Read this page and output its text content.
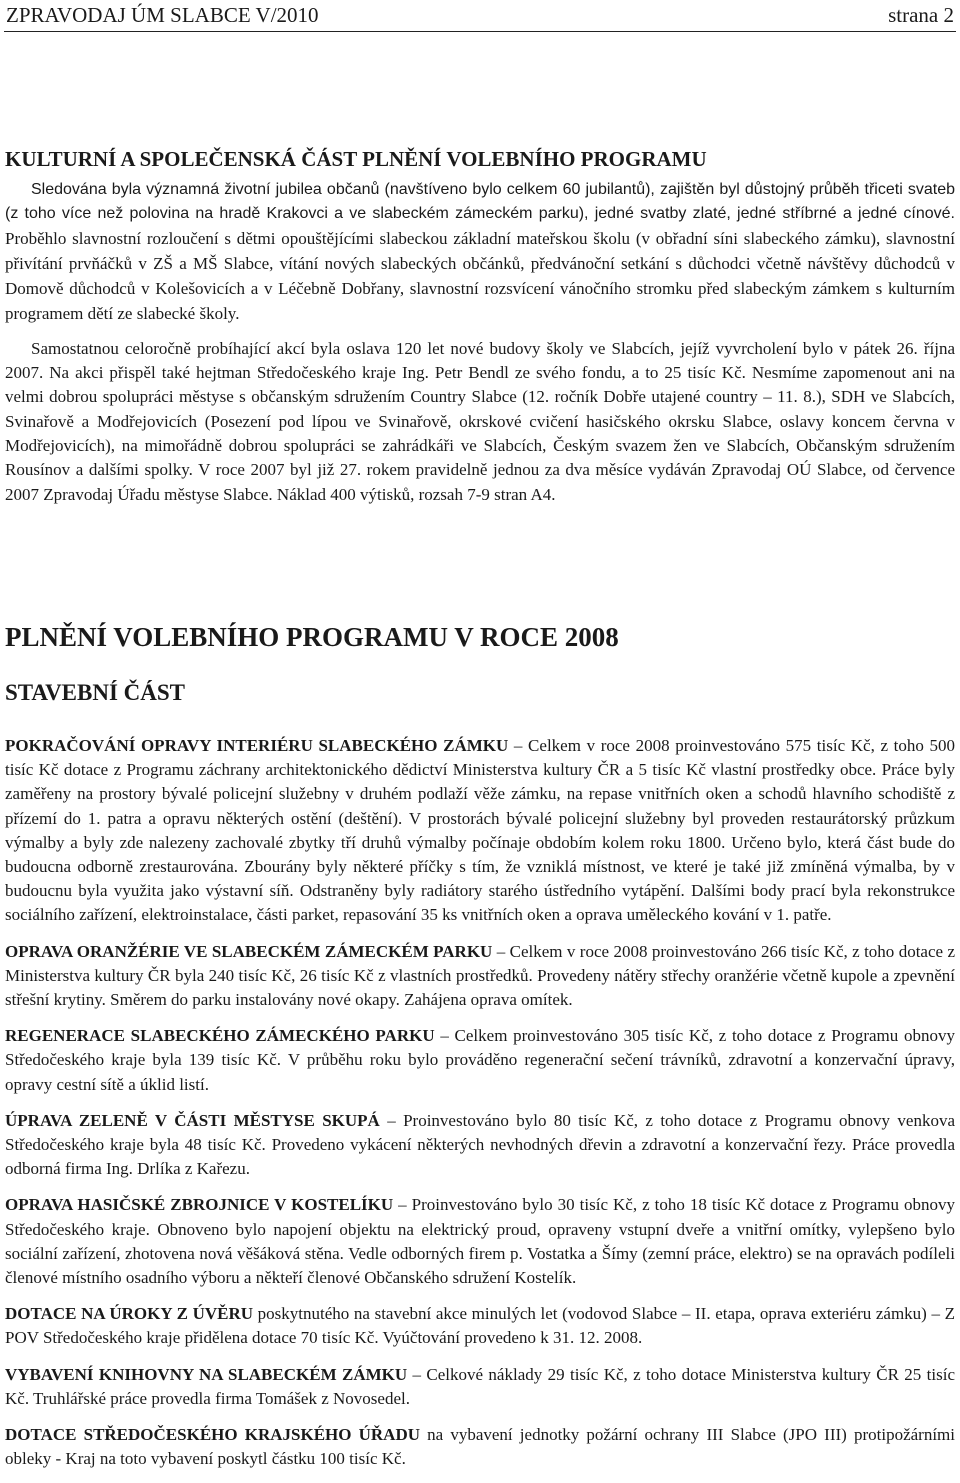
ZPRAVODAJ ÚM SLABCE V/2010	strana 2
KULTURNÍ A SPOLEČENSKÁ ČÁST PLNĚNÍ VOLEBNÍHO PROGRAMU

Sledována byla významná životní jubilea občanů (navštíveno bylo celkem 60 jubilantů), zajištěn byl důstojný průběh třiceti svateb (z toho více než polovina na hradě Krakovci a ve slabeckém zámeckém parku), jedné svatby zlaté, jedné stříbrné a jedné cínové. Proběhlo slavnostní rozloučení s dětmi opouštějícími slabeckou základní mateřskou školu (v obřadní síni slabeckého zámku), slavnostní přivítání prvňáčků v ZŠ a MŠ Slabce, vítání nových slabeckých občánků, předvánoční setkání s důchodci včetně návštěvy důchodců v Domově důchodců v Kolešovicích a v Léčebně Dobřany, slavnostní rozsvícení vánočního stromku před slabeckým zámkem s kulturním programem dětí ze slabecké školy.

Samostatnou celoročně probíhající akcí byla oslava 120 let nové budovy školy ve Slabcích, jejíž vyvrcholení bylo v pátek 26. října 2007. Na akci přispěl také hejtman Středočeského kraje Ing. Petr Bendl ze svého fondu, a to 25 tisíc Kč. Nesmíme zapomenout ani na velmi dobrou spolupráci městyse s občanským sdružením Country Slabce (12. ročník Dobře utajené country – 11. 8.), SDH ve Slabcích, Svinařově a Modřejovicích (Posezení pod lípou ve Svinařově, okrskové cvičení hasičského okrsku Slabce, oslavy koncem června v Modřejovicích), na mimořádně dobrou spolupráci se zahrádkáři ve Slabcích, Českým svazem žen ve Slabcích, Občanským sdružením Rousínov a dalšími spolky. V roce 2007 byl již 27. rokem pravidelně jednou za dva měsíce vydáván Zpravodaj OÚ Slabce, od července 2007 Zpravodaj Úřadu městyse Slabce. Náklad 400 výtisků, rozsah 7-9 stran A4.

PLNĚNÍ VOLEBNÍHO PROGRAMU V ROCE 2008
STAVEBNÍ ČÁST

POKRAČOVÁNÍ OPRAVY INTERIÉRU SLABECKÉHO ZÁMKU – Celkem v roce 2008 proinvestováno 575 tisíc Kč, z toho 500 tisíc Kč dotace z Programu záchrany architektonického dědictví Ministerstva kultury ČR a 5 tisíc Kč vlastní prostředky obce. Práce byly zaměřeny na prostory bývalé policejní služebny v druhém podlaží věže zámku, na repase vnitřních oken a schodů hlavního schodiště z přízemí do 1. patra a opravu některých ostění (deštění). V prostorách bývalé policejní služebny byl proveden restaurátorský průzkum výmalby a byly zde nalezeny zachovalé zbytky tří druhů výmalby počínaje obdobím kolem roku 1800. Určeno bylo, která část bude do budoucna odborně zrestaurována. Zbourány byly některé příčky s tím, že vzniklá místnost, ve které je také již zmíněná výmalba, by v budoucnu byla využita jako výstavní síň. Odstraněny byly radiátory starého ústředního vytápění. Dalšími body prací byla rekonstrukce sociálního zařízení, elektroinstalace, části parket, repasování 35 ks vnitřních oken a oprava uměleckého kování v 1. patře.

OPRAVA ORANŽÉRIE VE SLABECKÉM ZÁMECKÉM PARKU – Celkem v roce 2008 proinvestováno 266 tisíc Kč, z toho dotace z Ministerstva kultury ČR byla 240 tisíc Kč, 26 tisíc Kč z vlastních prostředků. Provedeny nátěry střechy oranžérie včetně kupole a zpevnění střešní krytiny. Směrem do parku instalovány nové okapy. Zahájena oprava omítek.

REGENERACE SLABECKÉHO ZÁMECKÉHO PARKU – Celkem proinvestováno 305 tisíc Kč, z toho dotace z Programu obnovy Středočeského kraje byla 139 tisíc Kč. V průběhu roku bylo prováděno regenerační sečení trávníků, zdravotní a konzervační úpravy, opravy cestní sítě a úklid listí.

ÚPRAVA ZELENĚ V ČÁSTI MĚSTYSE SKUPÁ – Proinvestováno bylo 80 tisíc Kč, z toho dotace z Programu obnovy venkova Středočeského kraje byla 48 tisíc Kč. Provedeno vykácení některých nevhodných dřevin a zdravotní a konzervační řezy. Práce provedla odborná firma Ing. Drlíka z Kařezu.

OPRAVA HASIČSKÉ ZBROJNICE V KOSTELÍKU – Proinvestováno bylo 30 tisíc Kč, z toho 18 tisíc Kč dotace z Programu obnovy Středočeského kraje. Obnoveno bylo napojení objektu na elektrický proud, opraveny vstupní dveře a vnitřní omítky, vylepšeno bylo sociální zařízení, zhotovena nová věšáková stěna. Vedle odborných firem p. Vostatka a Šímy (zemní práce, elektro) se na opravách podíleli členové místního osadního výboru a někteří členové Občanského sdružení Kostelík.

DOTACE NA ÚROKY Z ÚVĚRU poskytnutého na stavební akce minulých let (vodovod Slabce – II. etapa, oprava exteriéru zámku) – Z POV Středočeského kraje přidělena dotace 70 tisíc Kč. Vyúčtování provedeno k 31. 12. 2008.

VYBAVENÍ KNIHOVNY NA SLABECKÉM ZÁMKU – Celkové náklady 29 tisíc Kč, z toho dotace Ministerstva kultury ČR 25 tisíc Kč. Truhlářské práce provedla firma Tomášek z Novosedel.

DOTACE STŘEDOČESKÉHO KRAJSKÉHO ÚŘADU na vybavení jednotky požární ochrany III Slabce (JPO III) protipožárními obleky - Kraj na toto vybavení poskytl částku 100 tisíc Kč.
